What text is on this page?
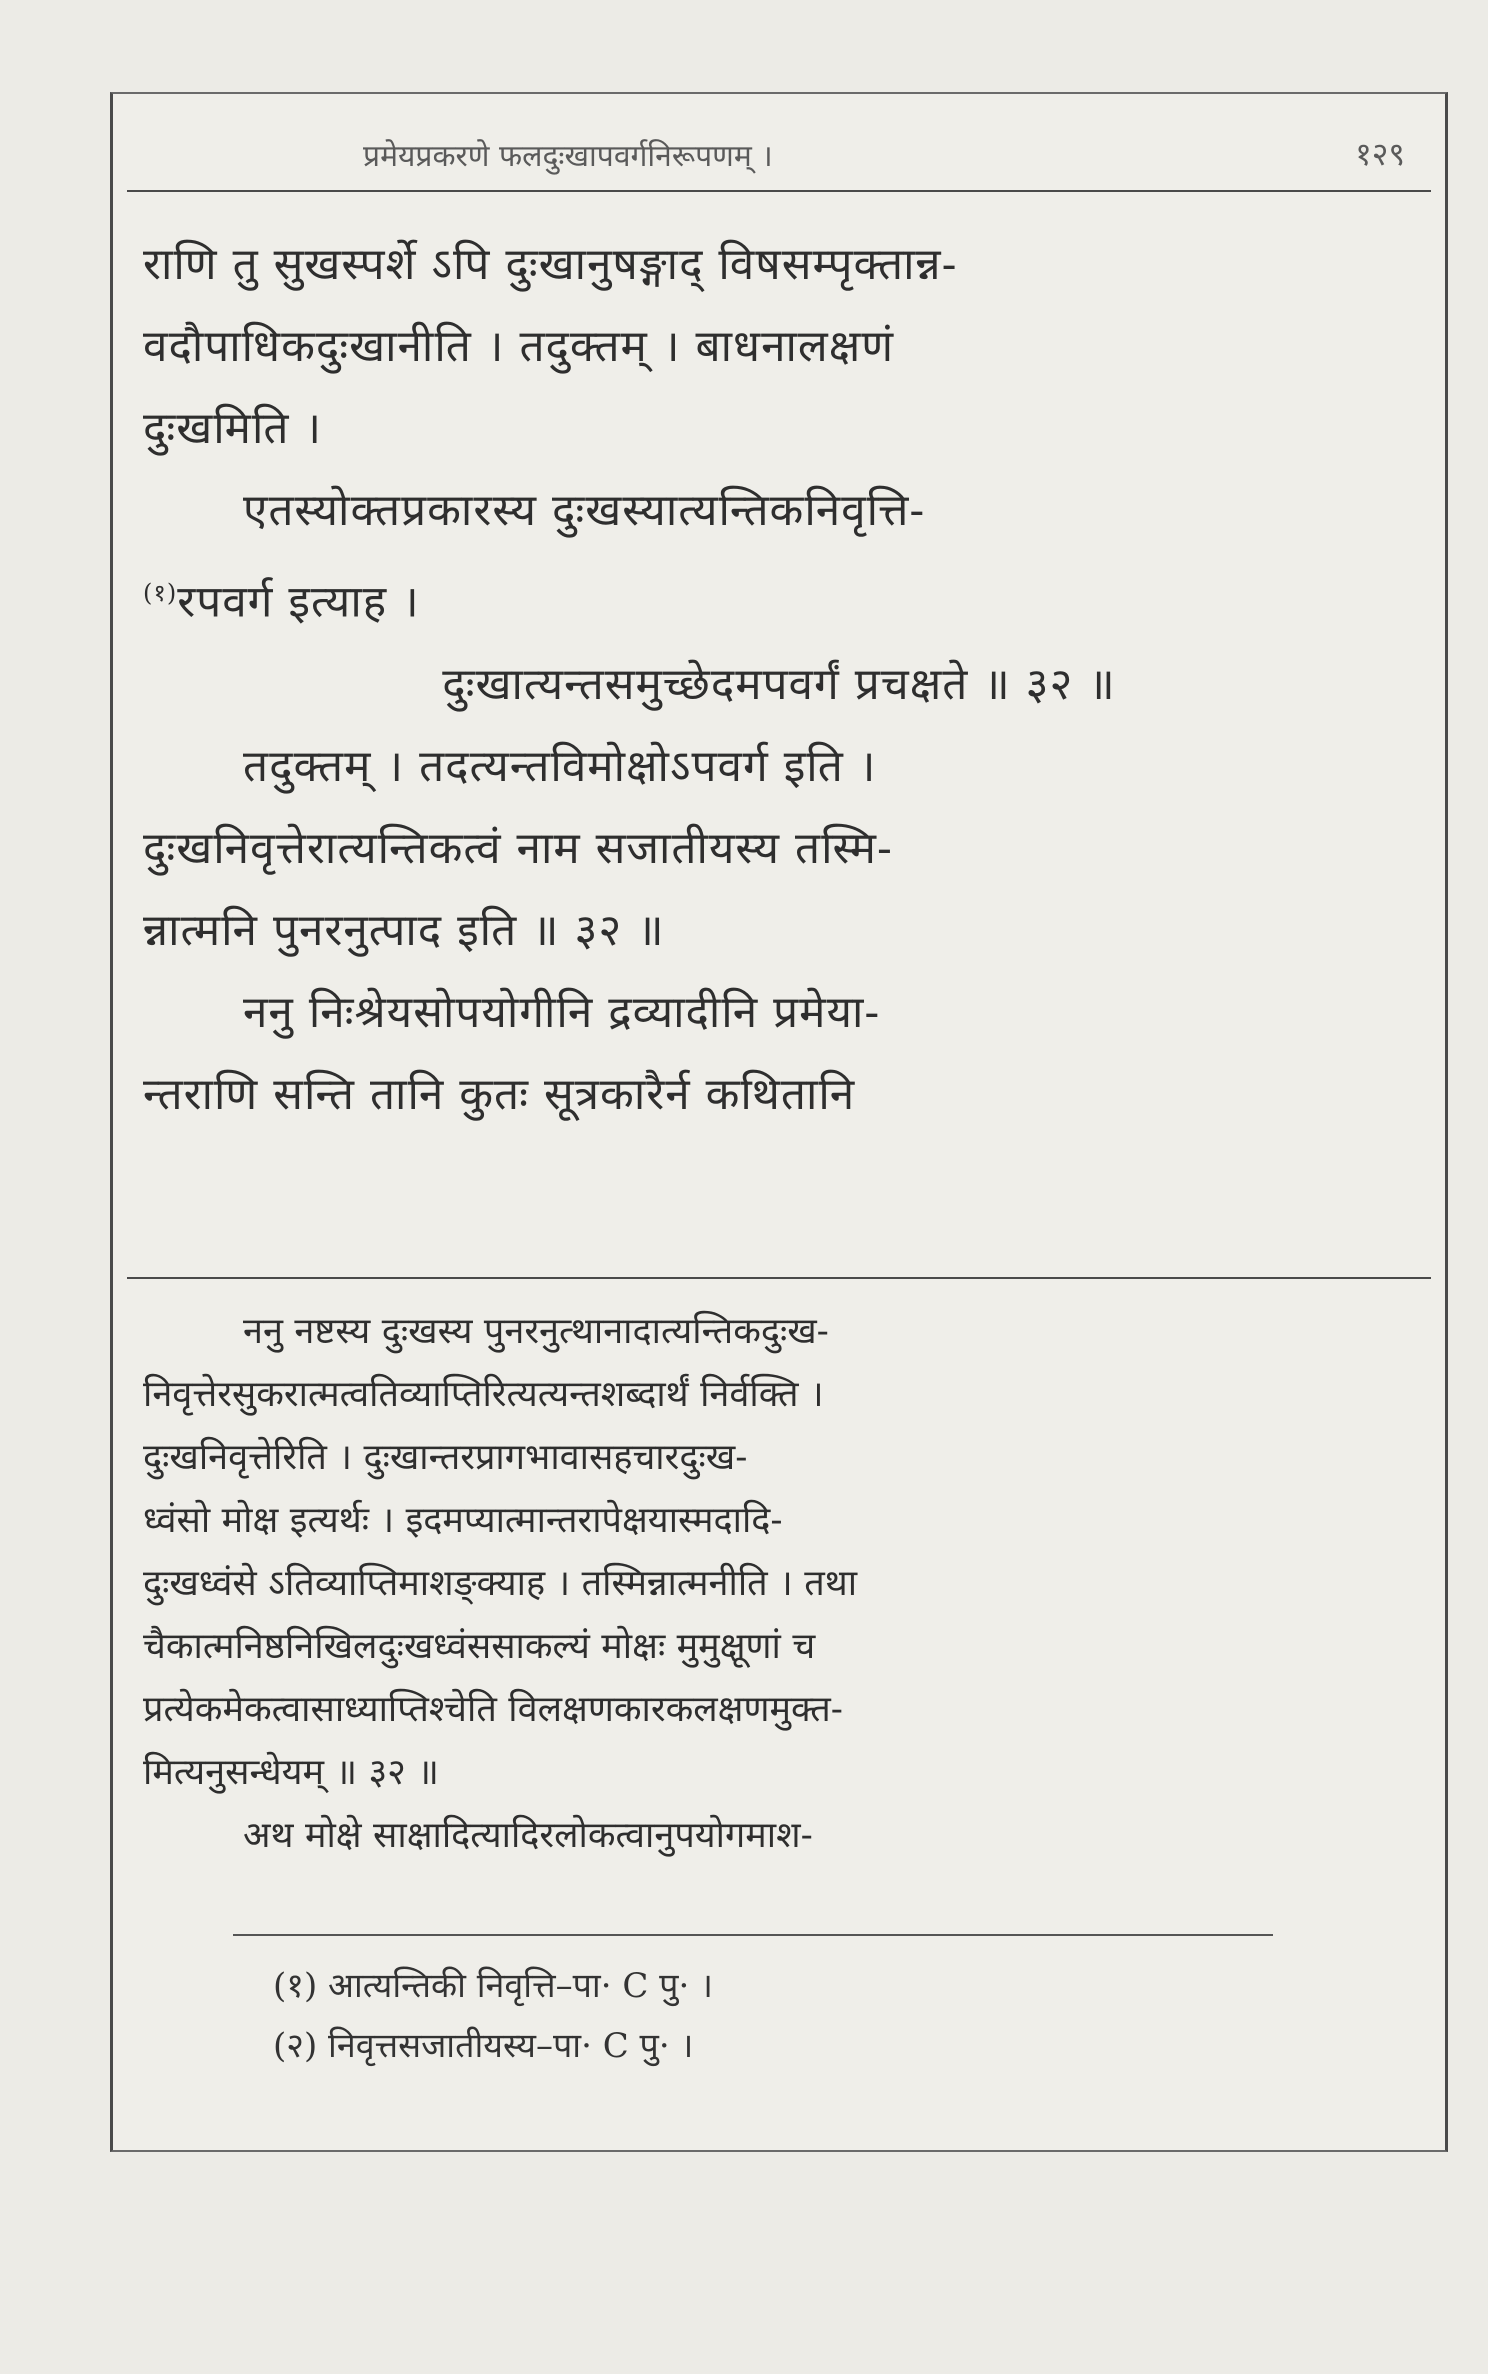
प्रमेयप्रकरणे फलदुःखापवर्गनिरूपणम् ।	१२९
राणि तु सुखस्पर्शे ऽपि दुःखानुषङ्गाद् विषसम्पृक्तान्न-
वदौपाधिकदुःखानीति । तदुक्तम् । बाधनालक्षणं
दुःखमिति ।
एतस्योक्तप्रकारस्य दुःखस्यात्यन्तिकनिवृत्ति-
$^{(१)}$रपवर्ग इत्याह ।
दुःखात्यन्तसमुच्छेदमपवर्गं प्रचक्षते ॥ ३२ ॥
तदुक्तम् । तदत्यन्तविमोक्षोऽपवर्ग इति ।
दुःखनिवृत्तेरात्यन्तिकत्वं नाम सजातीयस्य तस्मि-
न्नात्मनि पुनरनुत्पाद इति ॥ ३२ ॥
ननु निःश्रेयसोपयोगीनि द्रव्यादीनि प्रमेया-
न्तराणि सन्ति तानि कुतः सूत्रकारैर्न कथितानि
ननु नष्टस्य दुःखस्य पुनरनुत्थानादात्यन्तिकदुःख-
निवृत्तेरसुकरात्मत्वतिव्याप्तिरित्यत्यन्तशब्दार्थं निर्वक्ति ।
दुःखनिवृत्तेरिति । दुःखान्तरप्रागभावासहचारदुःख-
ध्वंसो मोक्ष इत्यर्थः । इदमप्यात्मान्तरापेक्षयास्मदादि-
दुःखध्वंसे ऽतिव्याप्तिमाशङ्क्याह । तस्मिन्नात्मनीति । तथा
चैकात्मनिष्ठनिखिलदुःखध्वंससाकल्यं मोक्षः मुमुक्षूणां च
प्रत्येकमेकत्वासाध्याप्तिश्चेति विलक्षणकारकलक्षणमुक्त-
मित्यनुसन्धेयम् ॥ ३२ ॥
अथ मोक्षे साक्षादित्यादिरलोकत्वानुपयोगमाश-
(१) आत्यन्तिकी निवृत्ति–पा· C पु· ।
(२) निवृत्तसजातीयस्य–पा· C पु· ।
